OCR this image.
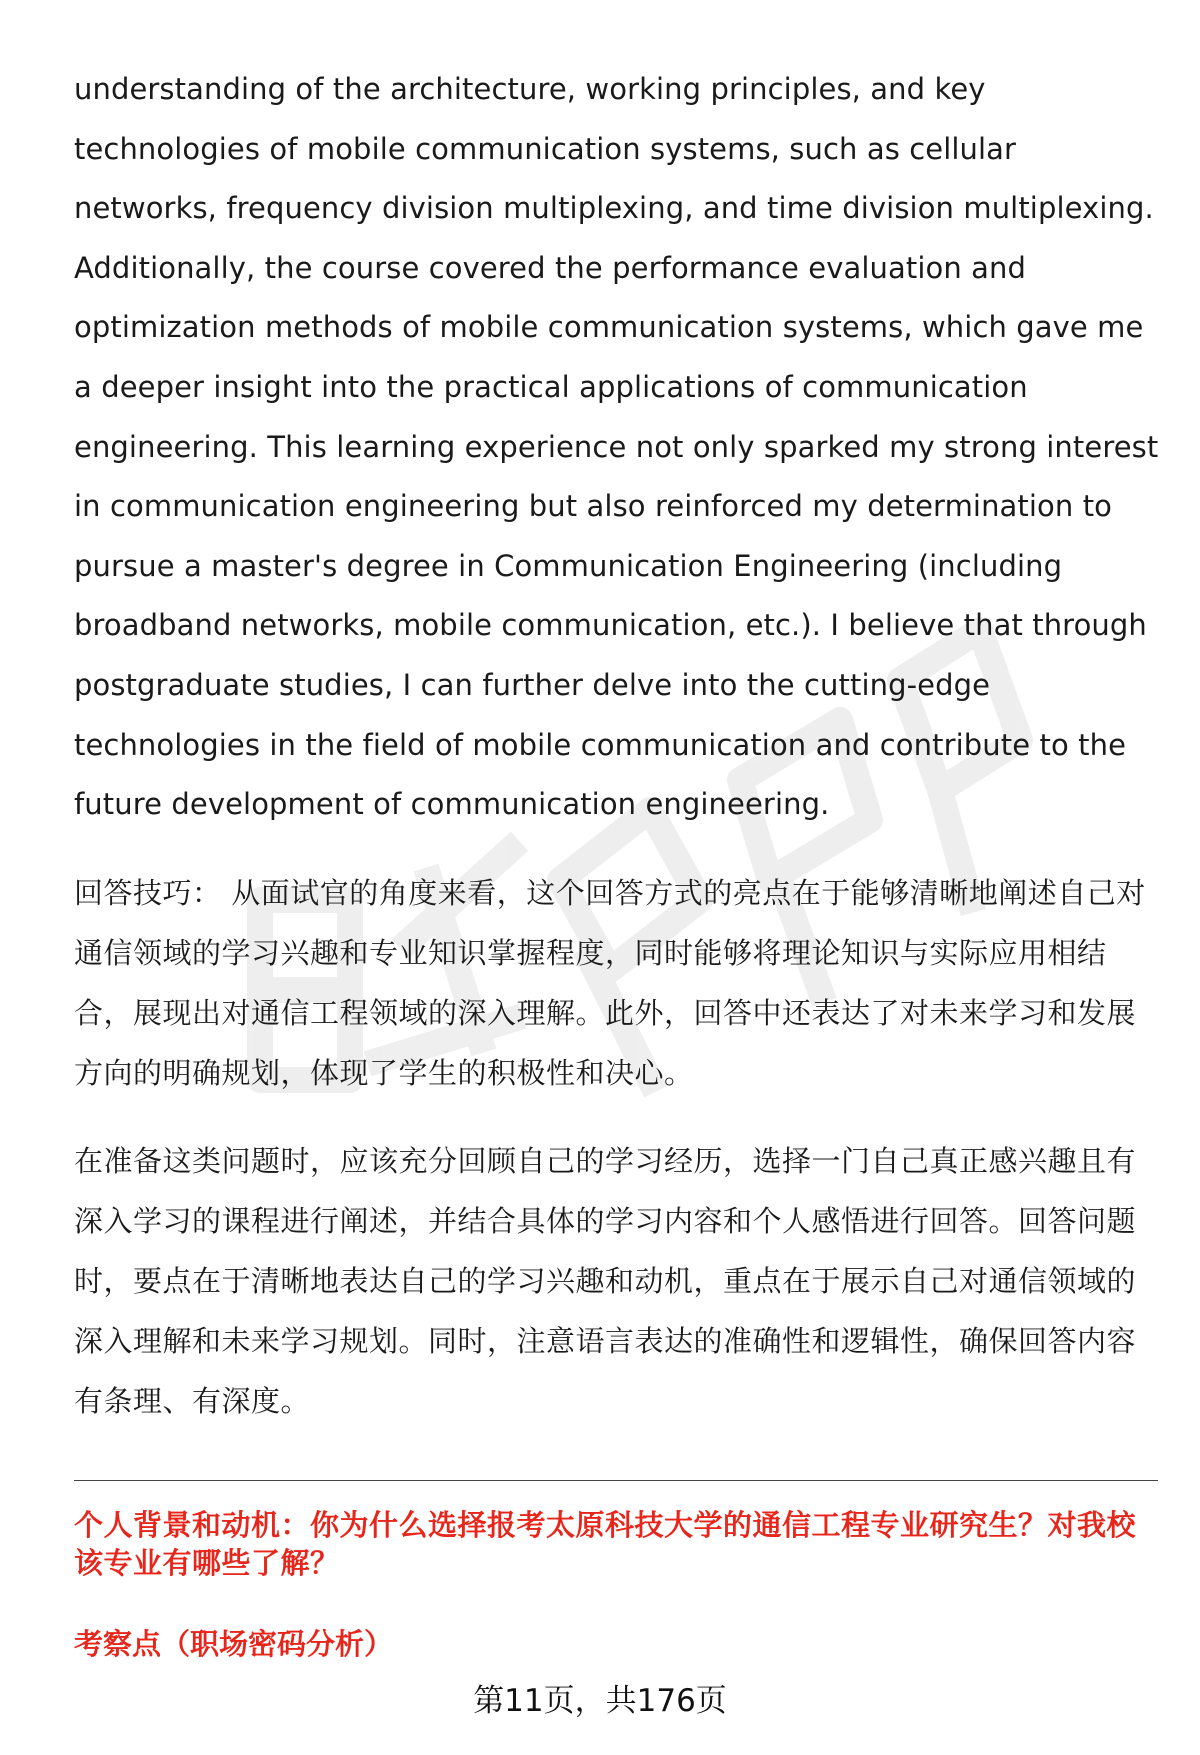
understanding of the architecture, working principles, and key technologies of mobile communication systems, such as cellular networks, frequency division multiplexing, and time division multiplexing. Additionally, the course covered the performance evaluation and optimization methods of mobile communication systems, which gave me a deeper insight into the practical applications of communication engineering. This learning experience not only sparked my strong interest in communication engineering but also reinforced my determination to pursue a master's degree in Communication Engineering (including broadband networks, mobile communication, etc.). I believe that through postgraduate studies, I can further delve into the cutting-edge technologies in the field of mobile communication and contribute to the future development of communication engineering.

回答技巧： 从面试官的角度来看，这个回答方式的亮点在于能够清晰地阐述自己对通信领域的学习兴趣和专业知识掌握程度，同时能够将理论知识与实际应用相结合，展现出对通信工程领域的深入理解。此外，回答中还表达了对未来学习和发展方向的明确规划，体现了学生的积极性和决心。

在准备这类问题时，应该充分回顾自己的学习经历，选择一门自己真正感兴趣且有深入学习的课程进行阐述，并结合具体的学习内容和个人感悟进行回答。回答问题时，要点在于清晰地表达自己的学习兴趣和动机，重点在于展示自己对通信领域的深入理解和未来学习规划。同时，注意语言表达的准确性和逻辑性，确保回答内容有条理、有深度。

个人背景和动机：你为什么选择报考太原科技大学的通信工程专业研究生？对我校该专业有哪些了解？

考察点（职场密码分析）

第11页，共176页
